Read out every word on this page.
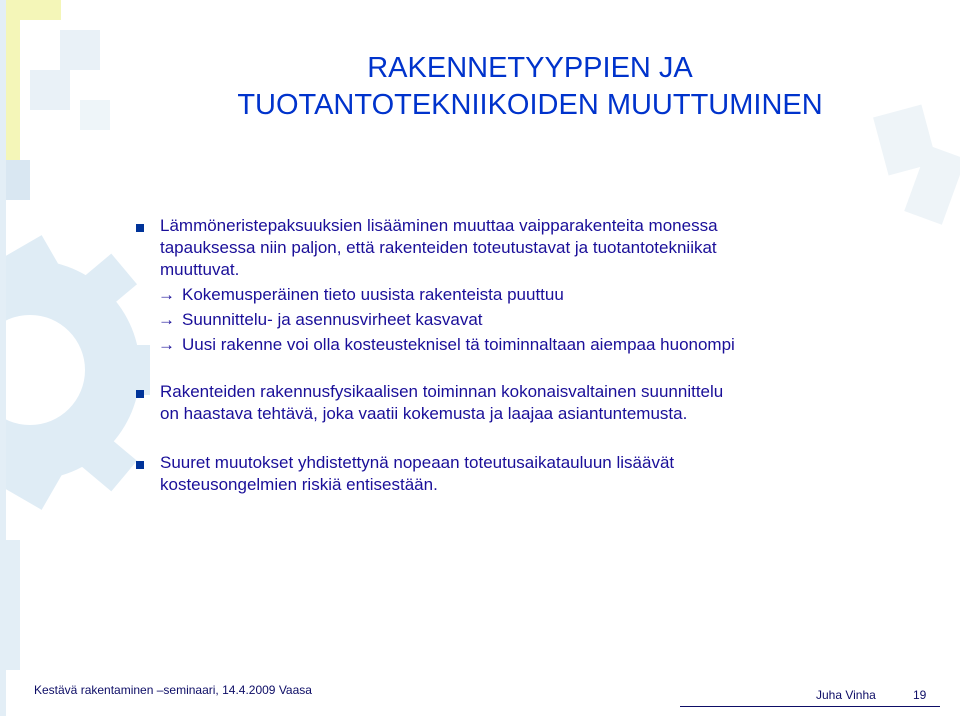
RAKENNETYYPPIEN JA
TUOTANTOTEKNIIKOIDEN MUUTTUMINEN
Lämmöneristepaksuuksien lisääminen muuttaa vaipparakenteita monessa
tapauksessa niin paljon, että rakenteiden toteutustavat ja tuotantotekniikat
muuttuvat.
→ Kokemusperäinen tieto uusista rakenteista puuttuu
→ Suunnittelu- ja asennusvirheet kasvavat
→ Uusi rakenne voi olla kosteusteknisel tä toiminnaltaan aiempaa huonompi
Rakenteiden rakennusfysikaalisen toiminnan kokonaisvaltainen suunnittelu
on haastava tehtävä, joka vaatii kokemusta ja laajaa asiantuntemusta.
Suuret muutokset yhdistettynä nopeaan toteutusaikatauluun lisäävät
kosteusongelmien riskiä entisestään.
Kestävä rakentaminen –seminaari, 14.4.2009 Vaasa	Juha Vinha	19
